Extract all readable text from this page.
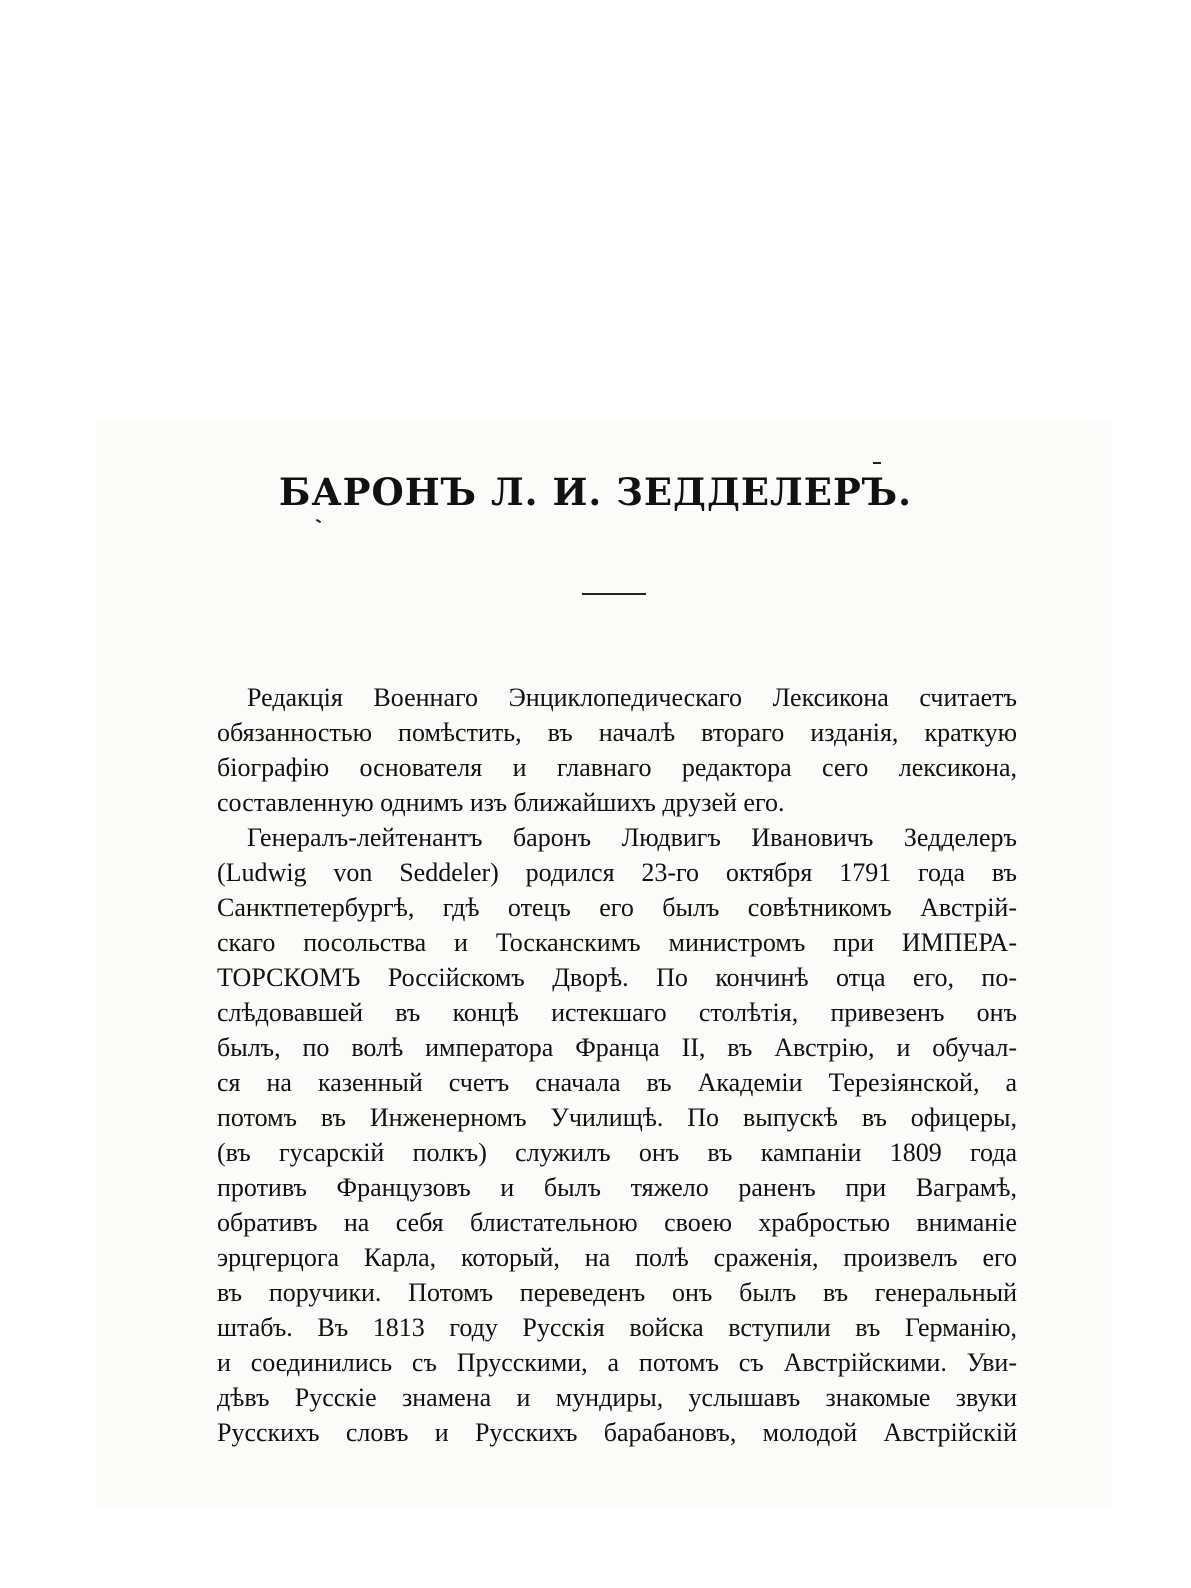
БАРОНЪ Л. И. ЗЕДДЕЛЕРЪ.

Редакція Военнаго Энциклопедическаго Лексикона считаетъ
обязанностью помѣстить, въ началѣ втораго изданія, краткую
біографію основателя и главнаго редактора сего лексикона,
составленную однимъ изъ ближайшихъ друзей его.

Генералъ-лейтенантъ баронъ Людвигъ Ивановичъ Зедделеръ
(Ludwig von Seddeler) родился 23-го октября 1791 года въ
Санктпетербургѣ, гдѣ отецъ его былъ совѣтникомъ Австрій-
скаго посольства и Тосканскимъ министромъ при ИМПЕРА-
ТОРСКОМЪ Россійскомъ Дворѣ. По кончинѣ отца его, по-
слѣдовавшей въ концѣ истекшаго столѣтія, привезенъ онъ
былъ, по волѣ императора Франца II, въ Австрію, и обучал-
ся на казенный счетъ сначала въ Академіи Терезіянской, а
потомъ въ Инженерномъ Училищѣ. По выпускѣ въ офицеры,
(въ гусарскій полкъ) служилъ онъ въ кампаніи 1809 года
противъ Французовъ и былъ тяжело раненъ при Ваграмѣ,
обративъ на себя блистательною своею храбростью вниманіе
эрцгерцога Карла, который, на полѣ сраженія, произвелъ его
въ поручики. Потомъ переведенъ онъ былъ въ генеральный
штабъ. Въ 1813 году Русскія войска вступили въ Германію,
и соединились съ Прусскими, а потомъ съ Австрійскими. Уви-
дѣвъ Русскіе знамена и мундиры, услышавъ знакомые звуки
Русскихъ словъ и Русскихъ барабановъ, молодой Австрійскій
